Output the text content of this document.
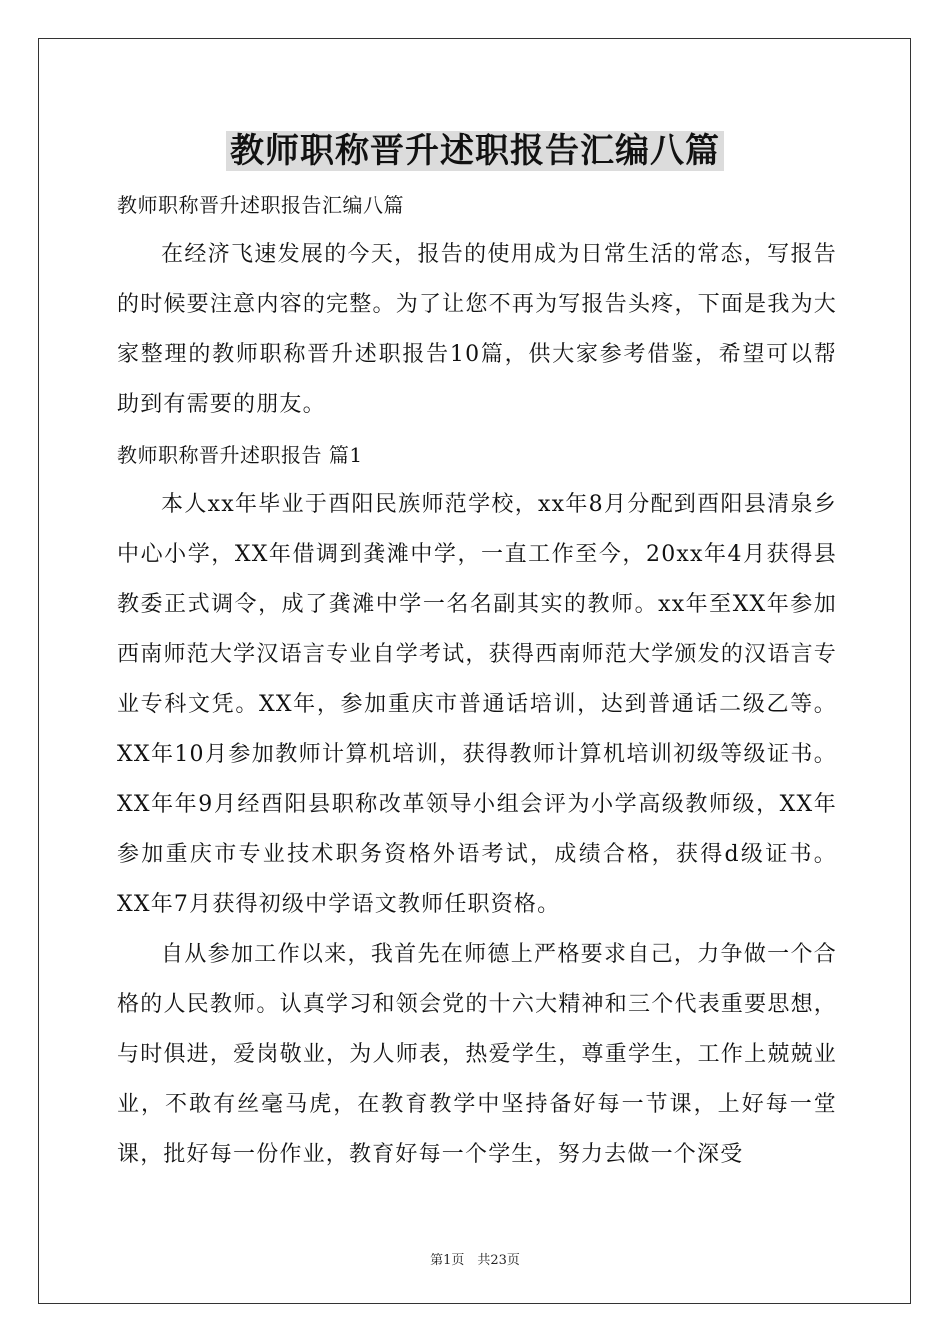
教师职称晋升述职报告汇编八篇

教师职称晋升述职报告汇编八篇

在经济飞速发展的今天，报告的使用成为日常生活的常态，写报告的时候要注意内容的完整。为了让您不再为写报告头疼，下面是我为大家整理的教师职称晋升述职报告10篇，供大家参考借鉴，希望可以帮助到有需要的朋友。

教师职称晋升述职报告 篇1

本人xx年毕业于酉阳民族师范学校，xx年8月分配到酉阳县清泉乡中心小学，XX年借调到龚滩中学，一直工作至今，20xx年4月获得县教委正式调令，成了龚滩中学一名名副其实的教师。xx年至XX年参加西南师范大学汉语言专业自学考试，获得西南师范大学颁发的汉语言专业专科文凭。XX年，参加重庆市普通话培训，达到普通话二级乙等。XX年10月参加教师计算机培训，获得教师计算机培训初级等级证书。XX年年9月经酉阳县职称改革领导小组会评为小学高级教师级，XX年参加重庆市专业技术职务资格外语考试，成绩合格，获得d级证书。XX年7月获得初级中学语文教师任职资格。

自从参加工作以来，我首先在师德上严格要求自己，力争做一个合格的人民教师。认真学习和领会党的十六大精神和三个代表重要思想，与时俱进，爱岗敬业，为人师表，热爱学生，尊重学生，工作上兢兢业业，不敢有丝毫马虎，在教育教学中坚持备好每一节课，上好每一堂课，批好每一份作业，教育好每一个学生，努力去做一个深受

第1页　共23页
